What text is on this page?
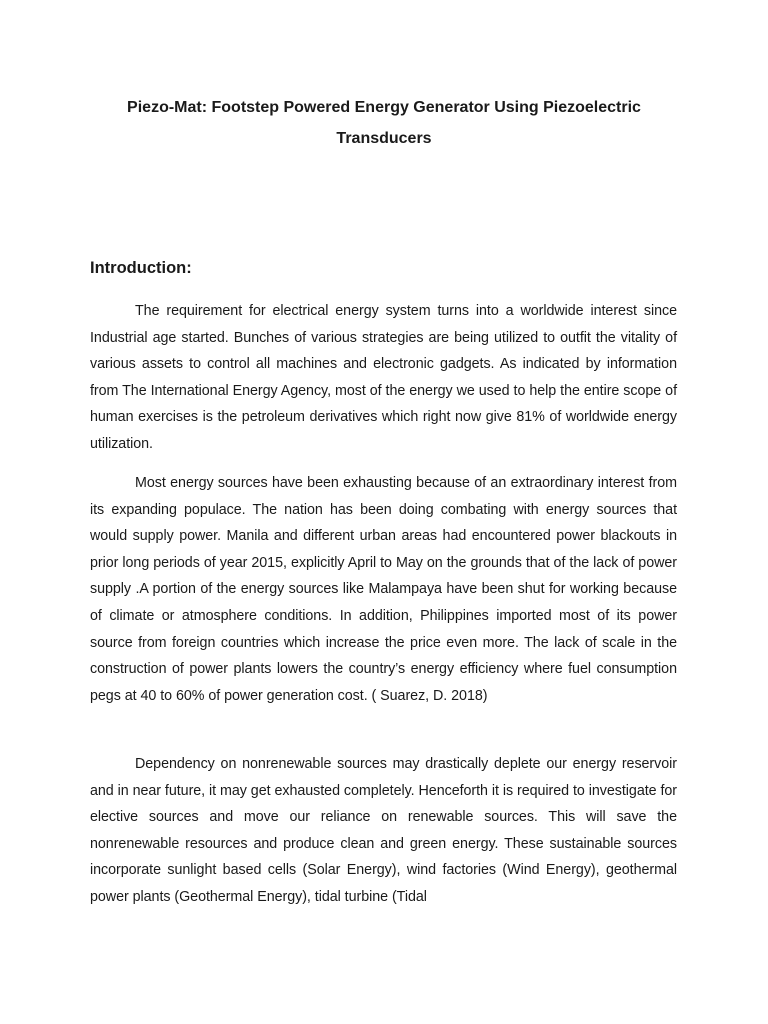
Piezo-Mat: Footstep Powered Energy Generator Using Piezoelectric Transducers
Introduction:

The requirement for electrical energy system turns into a worldwide interest since Industrial age started. Bunches of various strategies are being utilized to outfit the vitality of various assets to control all machines and electronic gadgets. As indicated by information from The International Energy Agency, most of the energy we used to help the entire scope of human exercises is the petroleum derivatives which right now give 81% of worldwide energy utilization.

Most energy sources have been exhausting because of an extraordinary interest from its expanding populace. The nation has been doing combating with energy sources that would supply power. Manila and different urban areas had encountered power blackouts in prior long periods of year 2015, explicitly April to May on the grounds that of the lack of power supply .A portion of the energy sources like Malampaya have been shut for working because of climate or atmosphere conditions. In addition, Philippines imported most of its power source from foreign countries which increase the price even more. The lack of scale in the construction of power plants lowers the country’s energy efficiency where fuel consumption pegs at 40 to 60% of power generation cost. ( Suarez, D. 2018)

Dependency on nonrenewable sources may drastically deplete our energy reservoir and in near future, it may get exhausted completely. Henceforth it is required to investigate for elective sources and move our reliance on renewable sources. This will save the nonrenewable resources and produce clean and green energy. These sustainable sources incorporate sunlight based cells (Solar Energy), wind factories (Wind Energy), geothermal power plants (Geothermal Energy), tidal turbine (Tidal
